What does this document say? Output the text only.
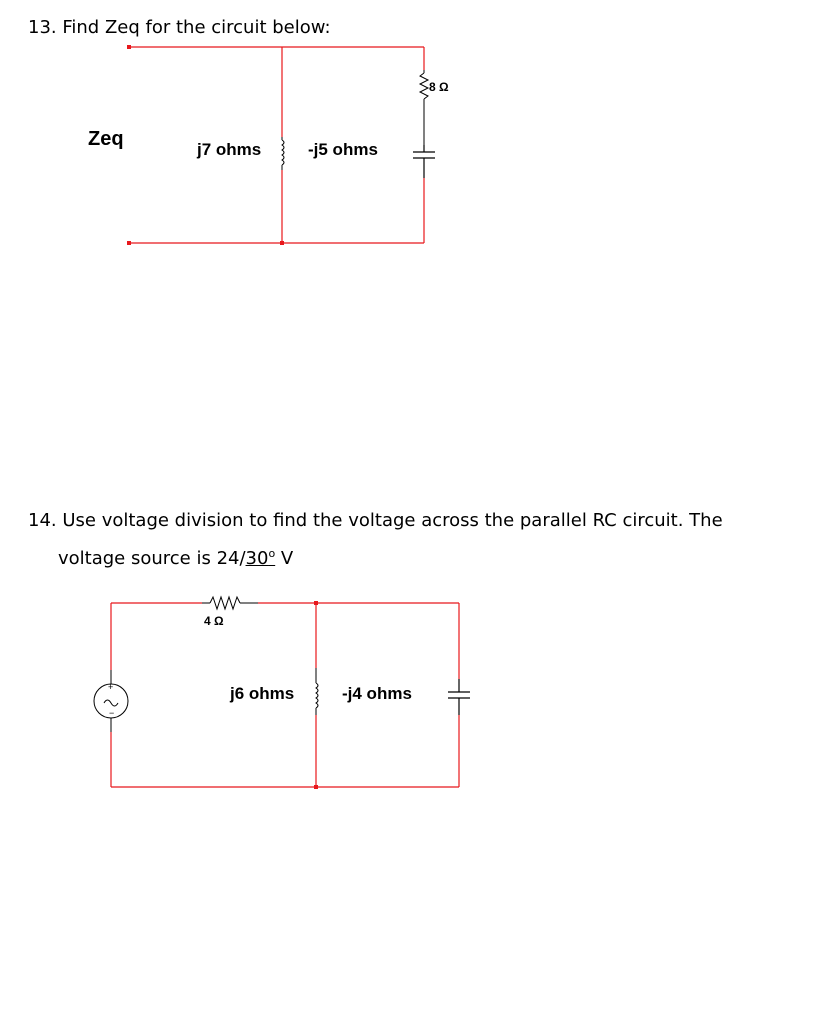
13. Find Zeq for the circuit below:
Zeq	j7 ohms	-j5 ohms
8 Ω
14. Use voltage division to find the voltage across the parallel RC circuit. The
voltage source is 24/30$^o$ V
+
−
4 Ω
j6 ohms	-j4 ohms
